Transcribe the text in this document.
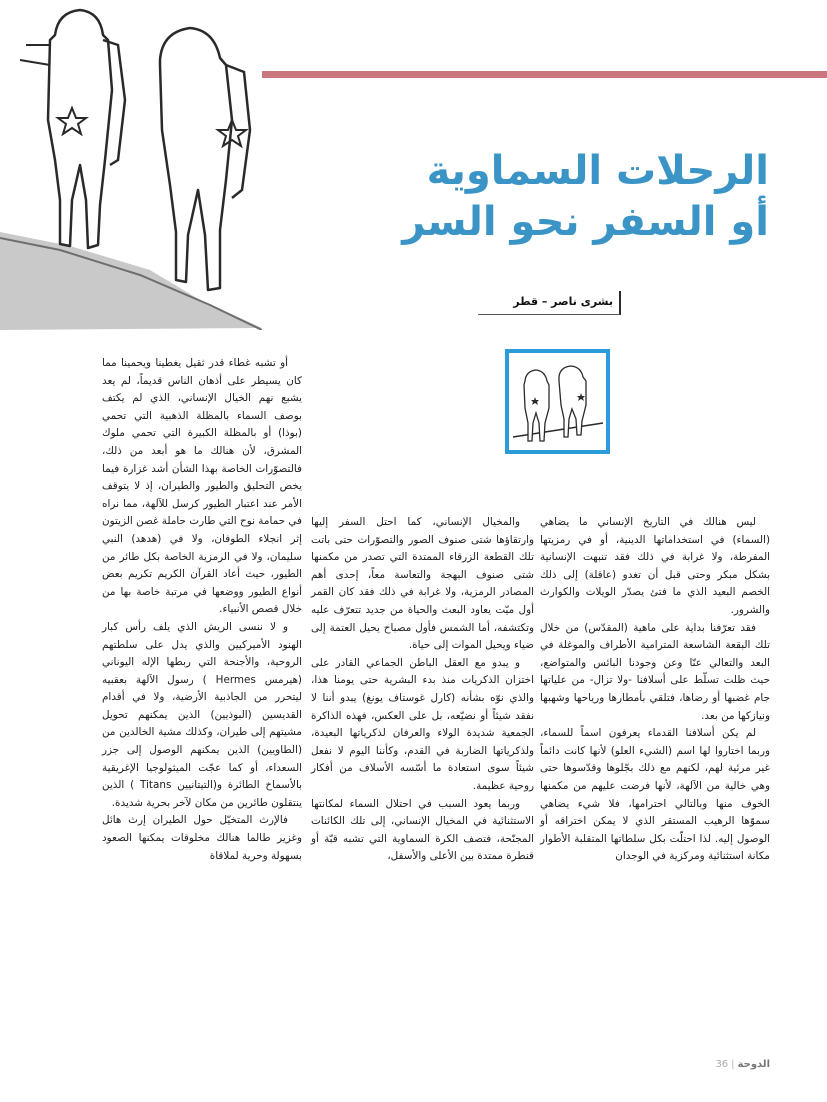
الرحلات السماوية
أو السفر نحو السر
بشرى ناصر – قطر

ليس هنالك في التاريخ الإنساني ما يضاهي (السماء) في استخداماتها الدينية، أو في رمزيتها المفرطة، ولا غرابة في ذلك فقد تنبهت الإنسانية بشكل مبكر وحتى قبل أن تغدو (عاقلة) إلى ذلك الخصم البعيد الذي ما فتئ يصدّر الويلات والكوارث والشرور.

فقد تعرّفنا بداية على ماهية (المقدّس) من خلال تلك البقعة الشاسعة المترامية الأطراف والموغلة في البعد والتعالي عنّا وعن وجودنا البائس والمتواضع، حيث ظلت تسلّط على أسلافنا -ولا تزال- من علياتها جام غضبها أو رضاها، فتلقي بأمطارها ورياحها وشهبها ونيازكها من بعد.

لم يكن أسلافنا القدماء يعرفون اسماً للسماء، وربما اختاروا لها اسم (الشيء العلو) لأنها كانت دائماً غير مرئية لهم، لكنهم مع ذلك بجّلوها وقدّسوها حتى وهي خالية من الآلهة، لأنها فرضت عليهم من مكمنها الخوف منها وبالتالي احترامها، فلا شيء يضاهي سموّها الرهيب المستقر الذي لا يمكن اختراقه أو الوصول إليه. لذا احتلّت بكل سلطاتها المتقلبة الأطوار مكانة استثنائية ومركزية في الوجدان

والمخيال الإنساني، كما احتل السفر إليها وارتقاؤها شتى صنوف الصور والتصوّرات حتى باتت تلك القطعة الزرقاء الممتدة التي تصدر من مكمنها شتى صنوف البهجة والتعاسة معاً، إحدى أهم المصادر الرمزية، ولا غرابة في ذلك فقد كان القمر أول ميّت يعاود البعث والحياة من جديد تتعرّف عليه وتكتشفه، أما الشمس فأول مصباح يحيل العتمة إلى ضياء ويحيل الموات إلى حياة.

و يبدو مع العقل الباطن الجماعي القادر على اختزان الذكريات منذ بدء البشرية حتى يومنا هذا، والذي نوّه بشأنه (كارل غوستاف يونغ) يبدو أننا لا نفقد شيئاً أو نضيّعه، بل على العكس، فهذه الذاكرة الجمعية شديدة الولاء والعرفان لذكرياتها البعيدة، ولذكرياتها الضاربة في القدم، وكأننا اليوم لا نفعل شيئاً سوى استعادة ما أسّسه الأسلاف من أفكار روحية عظيمة.

وربما يعود السبب في احتلال السماء لمكانتها الاستثنائية في المخيال الإنساني، إلى تلك الكائنات المجنّحة، فتصف الكرة السماوية التي تشبه قبّة أو قنطرة ممتدة بين الأعلى والأسفل،

أو تشبه غطاء قدر ثقيل يغطينا ويحمينا مما كان يسيطر على أذهان الناس قديماً، لم يعد يشبع نهم الخيال الإنساني، الذي لم يكتف بوصف السماء بالمظلة الذهبية التي تحمي (بوذا) أو بالمظلة الكبيرة التي تحمي ملوك المشرق، لأن هنالك ما هو أبعد من ذلك، فالتصوّرات الخاصة بهذا الشأن أشد غزارة فيما يخص التحليق والطيور والطيران، إذ لا يتوقف الأمر عند اعتبار الطيور كرسل للآلهة، مما نراه في حمامة نوح التي طارت حاملة غصن الزيتون إثر انجلاء الطوفان، ولا في (هدهد) النبي سليمان، ولا في الرمزية الخاصة بكل طائر من الطيور، حيث أعاد القرآن الكريم تكريم بعض أنواع الطيور ووضعها في مرتبة خاصة بها من خلال قصص الأنبياء.

و لا ننسى الريش الذي يلف رأس كبار الهنود الأميركيين والذي يدل على سلطتهم الروحية، والأجنحة التي ربطها الإله اليوناني (هيرمس Hermes ) رسول الآلهة بعقبيه ليتحرر من الجاذبية الأرضية، ولا في أقدام القديسين (البوذيين) الذين يمكنهم تحويل مشيتهم إلى طيران، وكذلك مشية الخالدين من (الطاويين) الذين يمكنهم الوصول إلى جزر السعداء، أو كما عجّت الميثولوجيا الإغريقية بالأسماخ الطائرة و(التيتانيين Titans ) الذين ينتقلون طائرين من مكان لآخر بحرية شديدة.

فالإرث المتخيّل حول الطيران إرث هائل وغزير طالما هنالك مخلوقات يمكنها الصعود بسهولة وحرية لملاقاة

الدوحة|36
